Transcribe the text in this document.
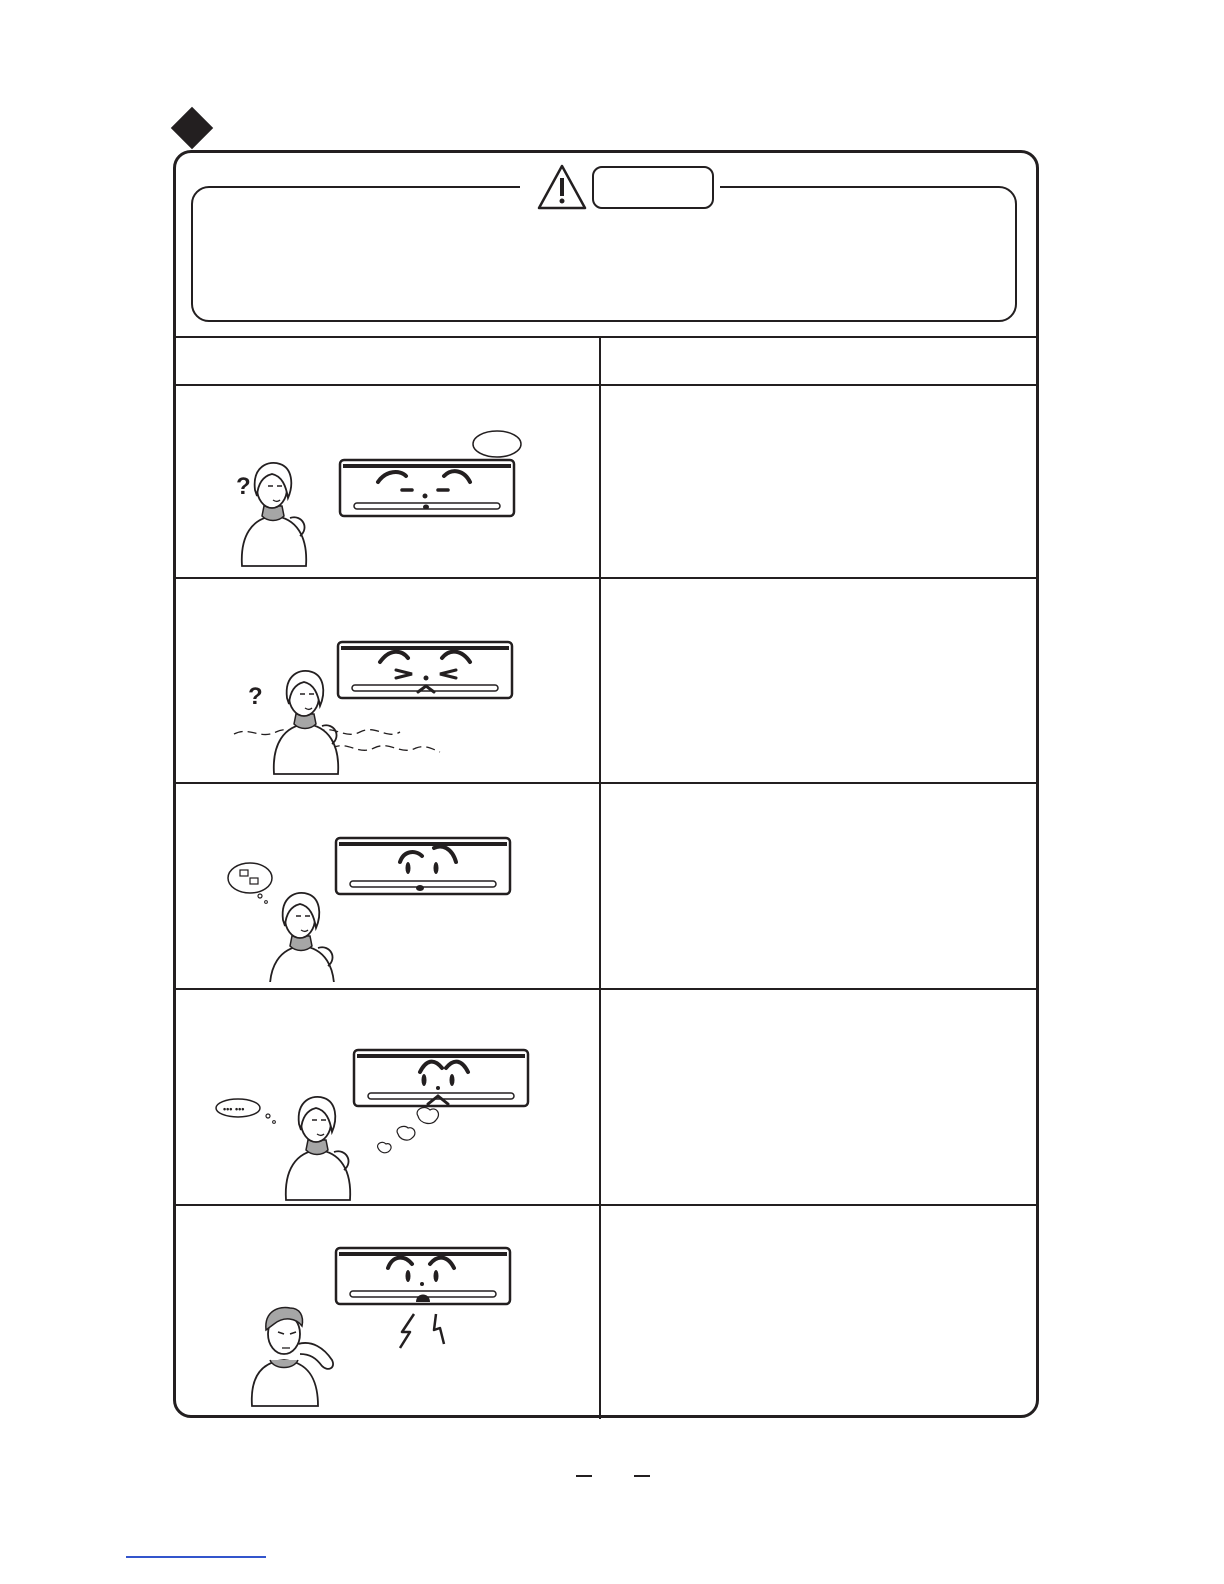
?
?
••• •••
